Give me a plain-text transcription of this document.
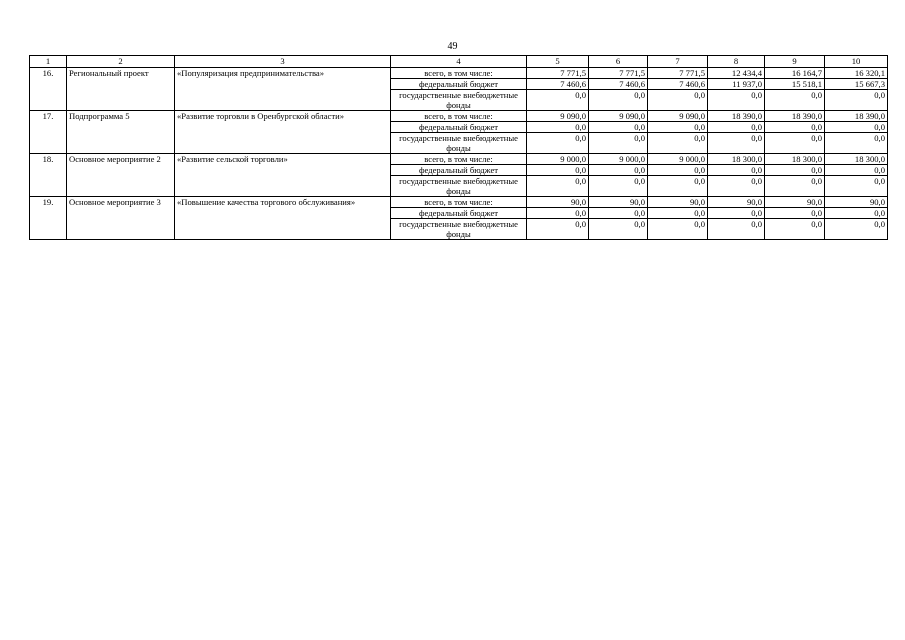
49
1	2	3	4	5	6	7	8	9	10
16.	Региональный проект	«Популяризация предпринимательства»	всего, в том числе:	7 771,5	7 771,5	7 771,5	12 434,4	16 164,7	16 320,1
			федеральный бюджет	7 460,6	7 460,6	7 460,6	11 937,0	15 518,1	15 667,3
			государственные внебюджетные фонды	0,0	0,0	0,0	0,0	0,0	0,0
17.	Подпрограмма 5	«Развитие торговли в Оренбургской области»	всего, в том числе:	9 090,0	9 090,0	9 090,0	18 390,0	18 390,0	18 390,0
			федеральный бюджет	0,0	0,0	0,0	0,0	0,0	0,0
			государственные внебюджетные фонды	0,0	0,0	0,0	0,0	0,0	0,0
18.	Основное мероприятие 2	«Развитие сельской торговли»	всего, в том числе:	9 000,0	9 000,0	9 000,0	18 300,0	18 300,0	18 300,0
			федеральный бюджет	0,0	0,0	0,0	0,0	0,0	0,0
			государственные внебюджетные фонды	0,0	0,0	0,0	0,0	0,0	0,0
19.	Основное мероприятие 3	«Повышение качества торгового обслуживания»	всего, в том числе:	90,0	90,0	90,0	90,0	90,0	90,0
			федеральный бюджет	0,0	0,0	0,0	0,0	0,0	0,0
			государственные внебюджетные фонды	0,0	0,0	0,0	0,0	0,0	0,0
